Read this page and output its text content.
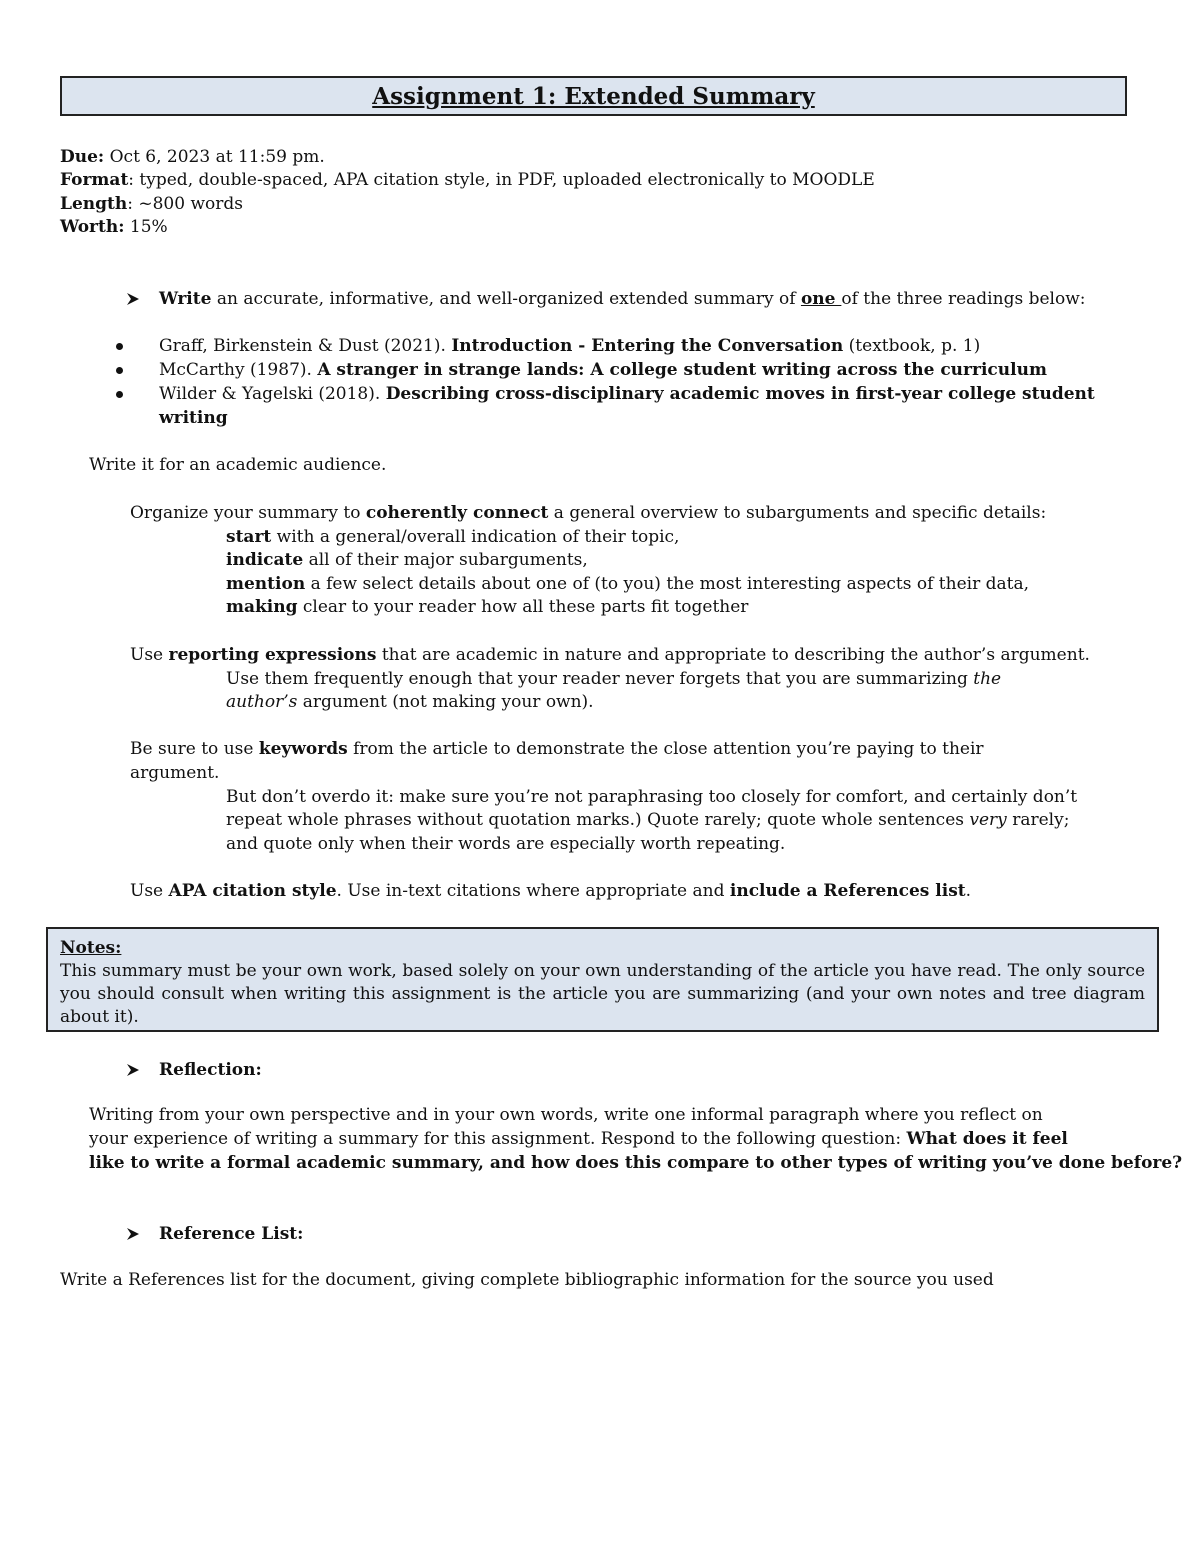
Assignment 1: Extended Summary
Due: Oct 6, 2023 at 11:59 pm.
Format: typed, double-spaced, APA citation style, in PDF, uploaded electronically to MOODLE
Length: ~800 words
Worth: 15%
Write an accurate, informative, and well-organized extended summary of one of the three readings below:
Graff, Birkenstein & Dust (2021). Introduction - Entering the Conversation (textbook, p. 1)
McCarthy (1987). A stranger in strange lands: A college student writing across the curriculum
Wilder & Yagelski (2018). Describing cross-disciplinary academic moves in first-year college student
writing
Write it for an academic audience.
Organize your summary to coherently connect a general overview to subarguments and specific details:
start with a general/overall indication of their topic,
indicate all of their major subarguments,
mention a few select details about one of (to you) the most interesting aspects of their data,
making clear to your reader how all these parts fit together
Use reporting expressions that are academic in nature and appropriate to describing the author’s argument.
Use them frequently enough that your reader never forgets that you are summarizing the
author’s argument (not making your own).
Be sure to use keywords from the article to demonstrate the close attention you’re paying to their
argument.
But don’t overdo it: make sure you’re not paraphrasing too closely for comfort, and certainly don’t
repeat whole phrases without quotation marks.) Quote rarely; quote whole sentences very rarely;
and quote only when their words are especially worth repeating.
Use APA citation style. Use in-text citations where appropriate and include a References list.
Notes:
This summary must be your own work, based solely on your own understanding of the article you have read. The only source you should consult when writing this assignment is the article you are summarizing (and your own notes and tree diagram about it).
Reflection:
Writing from your own perspective and in your own words, write one informal paragraph where you reflect on
your experience of writing a summary for this assignment. Respond to the following question: What does it feel
like to write a formal academic summary, and how does this compare to other types of writing you’ve done before?
Reference List:
Write a References list for the document, giving complete bibliographic information for the source you used
